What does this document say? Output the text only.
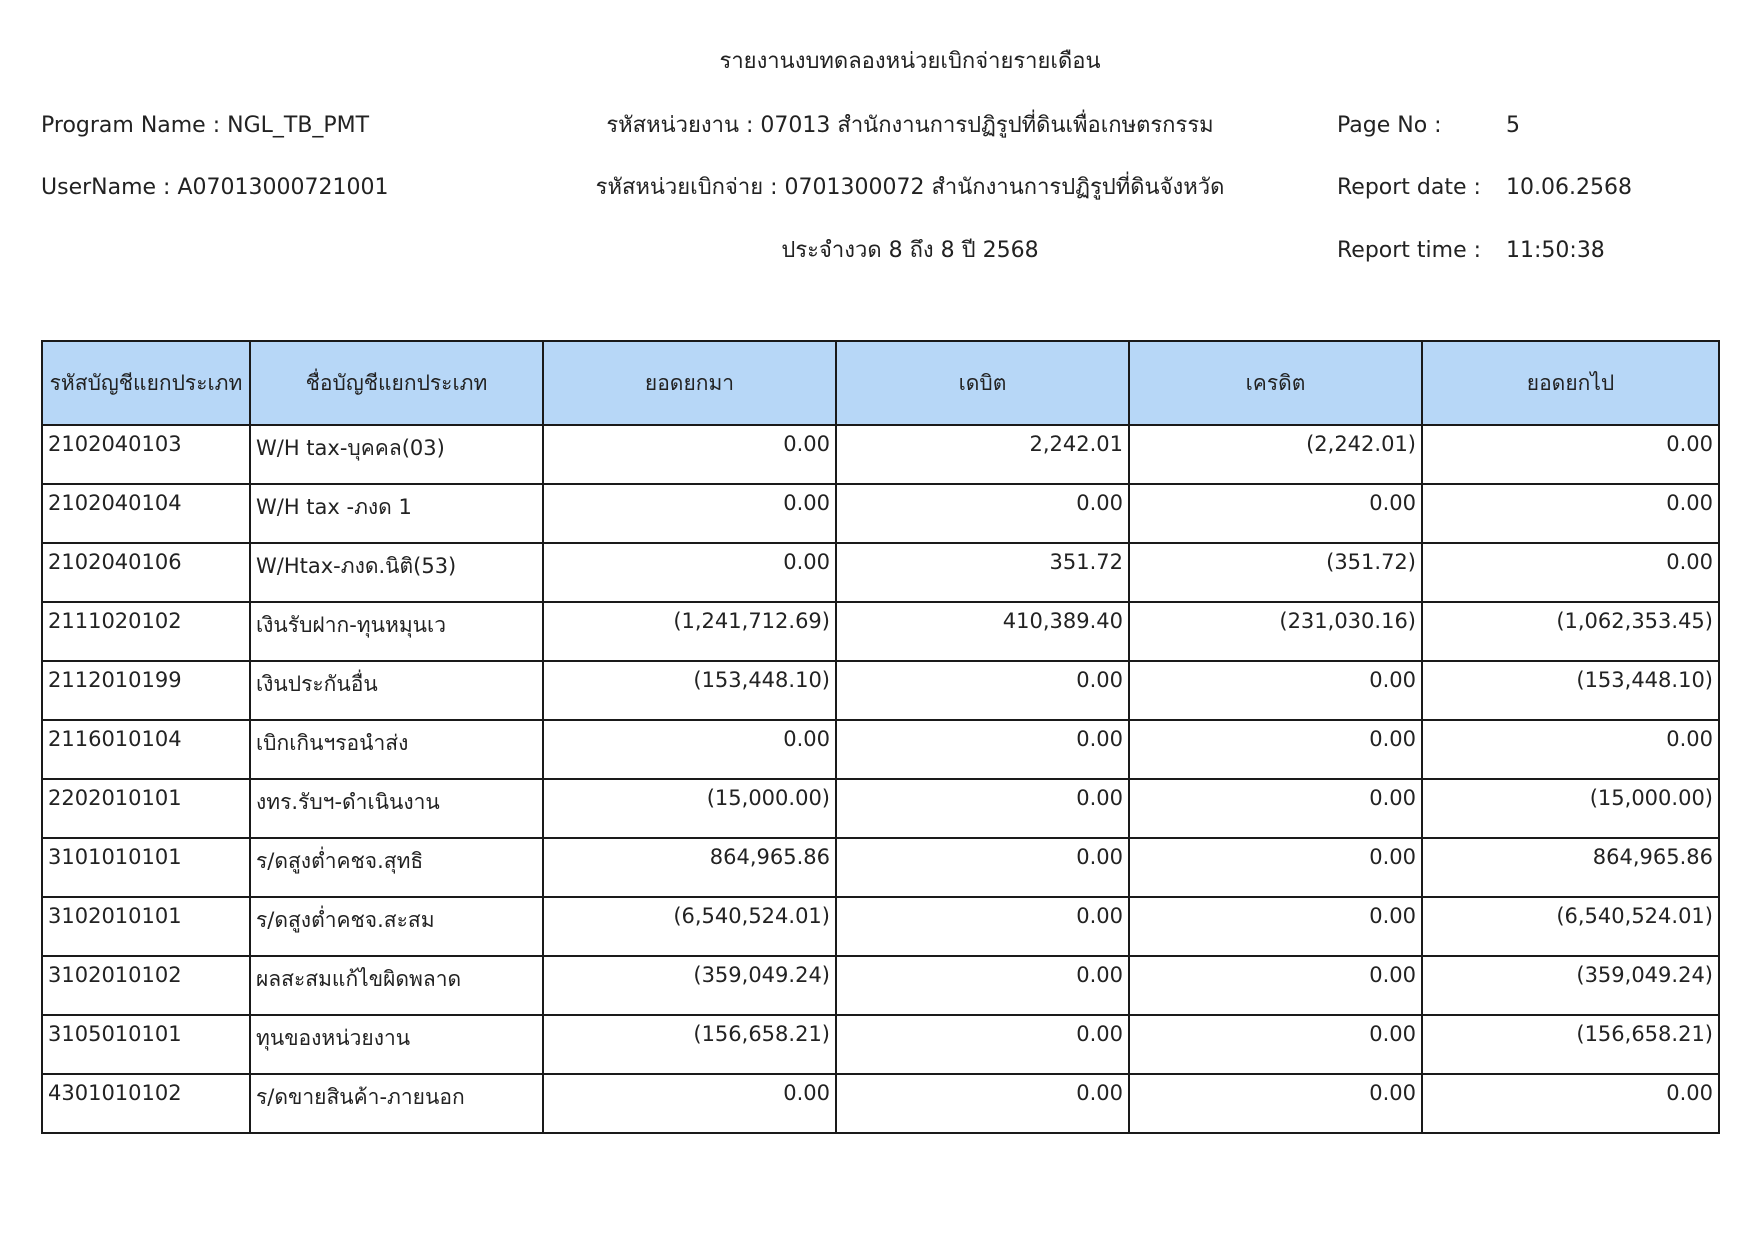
รายงานงบทดลองหน่วยเบิกจ่ายรายเดือน
Program Name : NGL_TB_PMT	รหัสหน่วยงาน : 07013 สำนักงานการปฏิรูปที่ดินเพื่อเกษตรกรรม	Page No :	5
UserName : A07013000721001	รหัสหน่วยเบิกจ่าย : 0701300072 สำนักงานการปฏิรูปที่ดินจังหวัด	Report date : 10.06.2568
ประจำงวด 8 ถึง 8 ปี 2568	Report time : 11:50:38
รหัสบัญชีแยกประเภท	ชื่อบัญชีแยกประเภท	ยอดยกมา	เดบิต	เครดิต	ยอดยกไป
2102040103	W/H tax-บุคคล(03)	0.00	2,242.01	(2,242.01)	0.00
2102040104	W/H tax -ภงด 1	0.00	0.00	0.00	0.00
2102040106	W/Htax-ภงด.นิติ(53)	0.00	351.72	(351.72)	0.00
2111020102	เงินรับฝาก-ทุนหมุนเว	(1,241,712.69)	410,389.40	(231,030.16)	(1,062,353.45)
2112010199	เงินประกันอื่น	(153,448.10)	0.00	0.00	(153,448.10)
2116010104	เบิกเกินฯรอนำส่ง	0.00	0.00	0.00	0.00
2202010101	งทร.รับฯ-ดำเนินงาน	(15,000.00)	0.00	0.00	(15,000.00)
3101010101	ร/ดสูงต่ำคชจ.สุทธิ	864,965.86	0.00	0.00	864,965.86
3102010101	ร/ดสูงต่ำคชจ.สะสม	(6,540,524.01)	0.00	0.00	(6,540,524.01)
3102010102	ผลสะสมแก้ไขผิดพลาด	(359,049.24)	0.00	0.00	(359,049.24)
3105010101	ทุนของหน่วยงาน	(156,658.21)	0.00	0.00	(156,658.21)
4301010102	ร/ดขายสินค้า-ภายนอก	0.00	0.00	0.00	0.00
